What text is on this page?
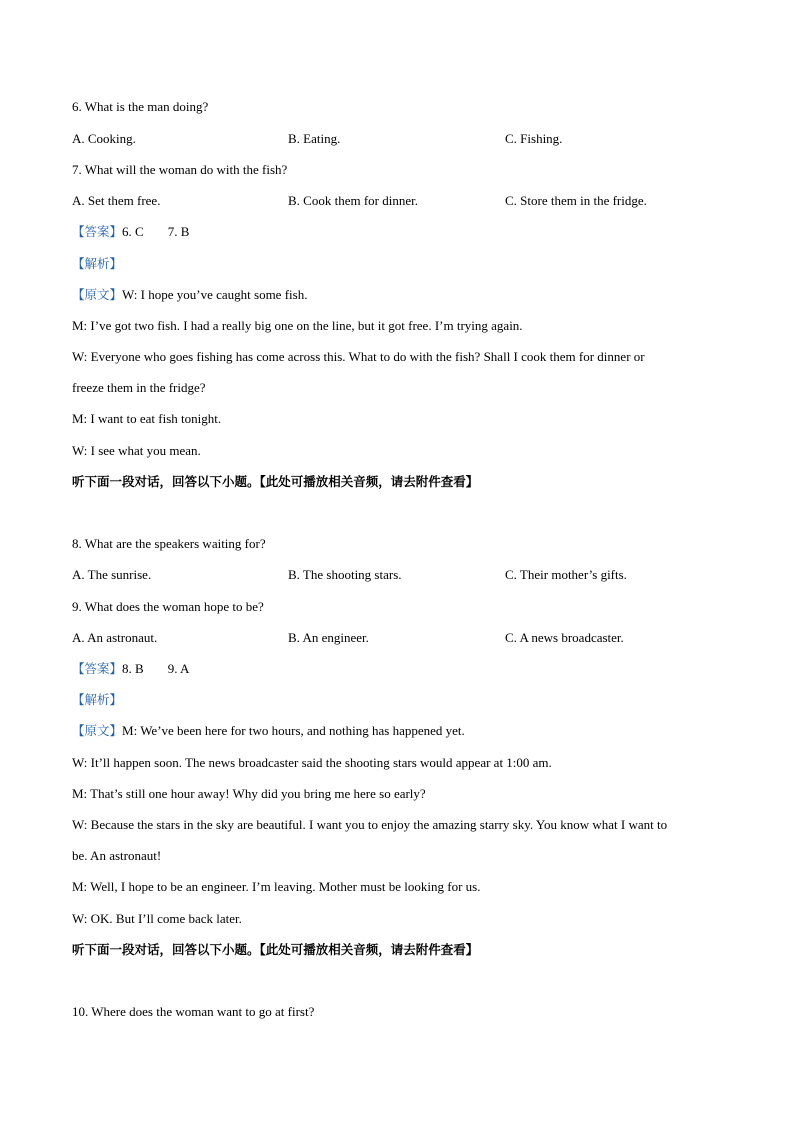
6. What is the man doing?
A. Cooking.	B. Eating.	C. Fishing.
7. What will the woman do with the fish?
A. Set them free.	B. Cook them for dinner.	C. Store them in the fridge.
【答案】6. C 7. B
【解析】
【原文】W: I hope you’ve caught some fish.
M: I’ve got two fish. I had a really big one on the line, but it got free. I’m trying again.
W: Everyone who goes fishing has come across this. What to do with the fish? Shall I cook them for dinner or
freeze them in the fridge?
M: I want to eat fish tonight.
W: I see what you mean.
听下面一段对话，回答以下小题。【此处可播放相关音频，请去附件查看】
8. What are the speakers waiting for?
A. The sunrise.	B. The shooting stars.	C. Their mother’s gifts.
9. What does the woman hope to be?
A. An astronaut.	B. An engineer.	C. A news broadcaster.
【答案】8. B 9. A
【解析】
【原文】M: We’ve been here for two hours, and nothing has happened yet.
W: It’ll happen soon. The news broadcaster said the shooting stars would appear at 1:00 am.
M: That’s still one hour away! Why did you bring me here so early?
W: Because the stars in the sky are beautiful. I want you to enjoy the amazing starry sky. You know what I want to
be. An astronaut!
M: Well, I hope to be an engineer. I’m leaving. Mother must be looking for us.
W: OK. But I’ll come back later.
听下面一段对话，回答以下小题。【此处可播放相关音频，请去附件查看】
10. Where does the woman want to go at first?
